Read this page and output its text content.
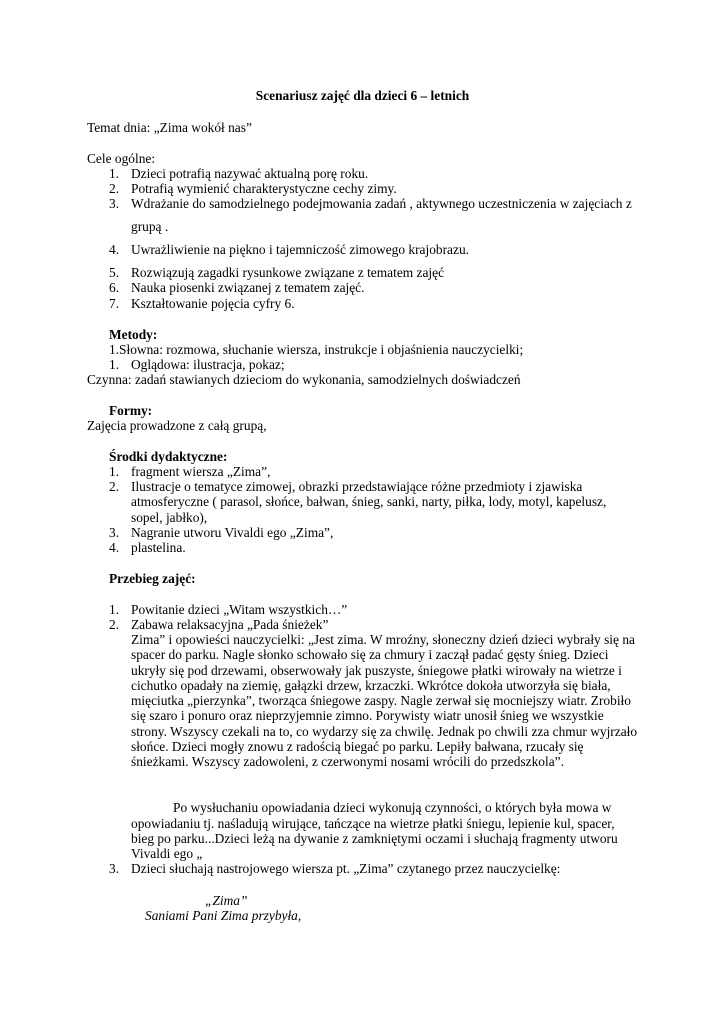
Scenariusz zajęć dla dzieci 6 – letnich

Temat dnia: „Zima wokół nas”

Cele ogólne:

1. Dzieci potrafią nazywać aktualną porę roku.
2. Potrafią wymienić charakterystyczne cechy zimy.
3. Wdrażanie do samodzielnego podejmowania zadań , aktywnego uczestniczenia w zajęciach z
grupą .
4. Uwrażliwienie na piękno i tajemniczość zimowego krajobrazu.
5. Rozwiązują zagadki rysunkowe związane z tematem zajęć
6. Nauka piosenki związanej z tematem zajęć.
7. Kształtowanie pojęcia cyfry 6.

Metody:

1.Słowna: rozmowa, słuchanie wiersza, instrukcje i objaśnienia nauczycielki;

1. Oglądowa: ilustracja, pokaz;

Czynna: zadań stawianych dzieciom do wykonania, samodzielnych doświadczeń

Formy:

Zajęcia prowadzone z całą grupą,

Środki dydaktyczne:

1. fragment wiersza „Zima”,
2. Ilustracje o tematyce zimowej, obrazki przedstawiające różne przedmioty i zjawiska
atmosferyczne ( parasol, słońce, bałwan, śnieg, sanki, narty, piłka, lody, motyl, kapelusz,
sopel, jabłko),
3. Nagranie utworu Vivaldi ego „Zima”,
4. plastelina.

Przebieg zajęć:

1. Powitanie dzieci „Witam wszystkich…”

2. Zabawa relaksacyjna „Pada śnieżek”
Zima” i opowieści nauczycielki: „Jest zima. W mroźny, słoneczny dzień dzieci wybrały się na
spacer do parku. Nagle słonko schowało się za chmury i zaczął padać gęsty śnieg. Dzieci
ukryły się pod drzewami, obserwowały jak puszyste, śniegowe płatki wirowały na wietrze i
cichutko opadały na ziemię, gałązki drzew, krzaczki. Wkrótce dokoła utworzyła się biała,
mięciutka „pierzynka”, tworząca śniegowe zaspy. Nagle zerwał się mocniejszy wiatr. Zrobiło
się szaro i ponuro oraz nieprzyjemnie zimno. Porywisty wiatr unosił śnieg we wszystkie
strony. Wszyscy czekali na to, co wydarzy się za chwilę. Jednak po chwili zza chmur wyjrzało
słońce. Dzieci mogły znowu z radością biegać po parku. Lepiły bałwana, rzucały się
śnieżkami. Wszyscy zadowoleni, z czerwonymi nosami wrócili do przedszkola”.
Po wysłuchaniu opowiadania dzieci wykonują czynności, o których była mowa w
opowiadaniu tj. naśladują wirujące, tańczące na wietrze płatki śniegu, lepienie kul, spacer,
bieg po parku...Dzieci leżą na dywanie z zamkniętymi oczami i słuchają fragmenty utworu
Vivaldi ego „
3. Dzieci słuchają nastrojowego wiersza pt. „Zima” czytanego przez nauczycielkę:

„Zima”

Saniami Pani Zima przybyła,
